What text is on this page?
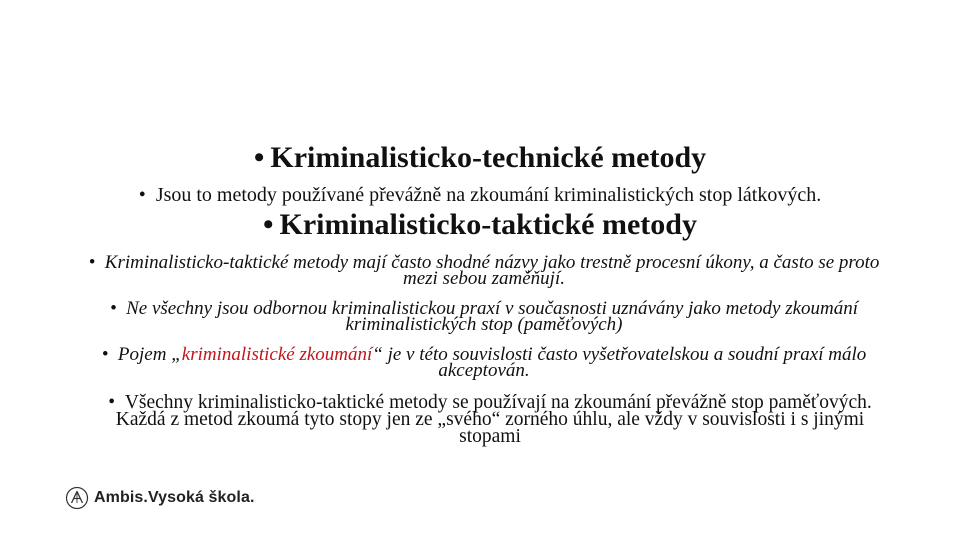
• Kriminalisticko-technické metody
• Jsou to metody používané převážně na zkoumání kriminalistických stop látkových.
• Kriminalisticko-taktické metody
• Kriminalisticko-taktické metody mají často shodné názvy jako trestně procesní úkony, a často se proto mezi sebou zaměňují.
• Ne všechny jsou odbornou kriminalistickou praxí v současnosti uznávány jako metody zkoumání kriminalistických stop (paměťových)
• Pojem „kriminalistické zkoumání“ je v této souvislosti často vyšetřovatelskou a soudní praxí málo akceptován.
• Všechny kriminalisticko-taktické metody se používají na zkoumání převážně stop paměťových. Každá z metod zkoumá tyto stopy jen ze „svého“ zorného úhlu, ale vždy v souvislosti i s jinými stopami
Ambis.Vysoká škola.
